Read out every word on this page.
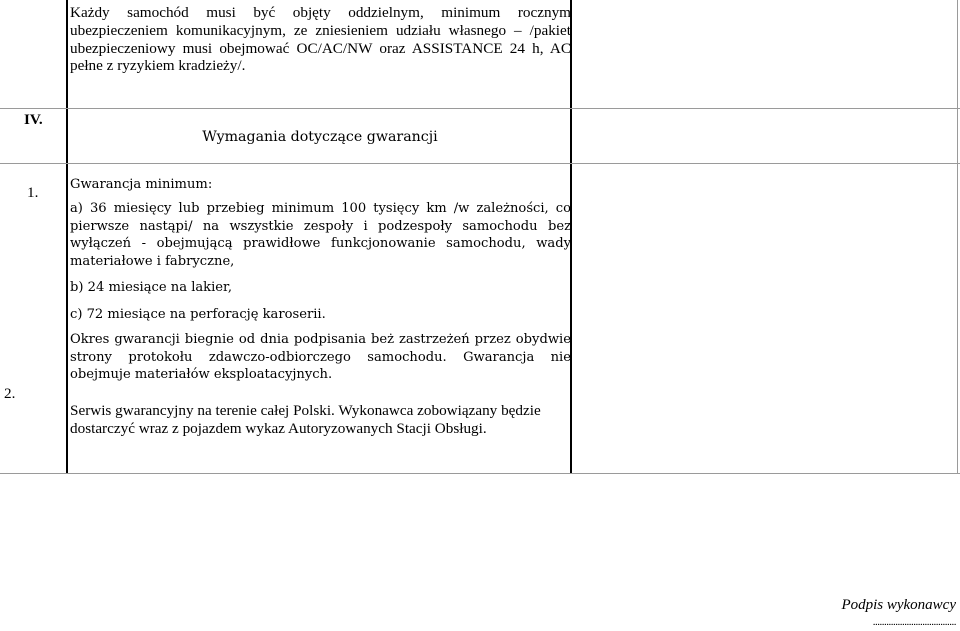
Każdy samochód musi być objęty oddzielnym, minimum rocznym ubezpieczeniem komunikacyjnym, ze zniesieniem udziału własnego – /pakiet ubezpieczeniowy musi obejmować OC/AC/NW oraz ASSISTANCE 24 h, AC pełne z ryzykiem kradzieży/.
IV.
Wymagania dotyczące gwarancji
1. Gwarancja minimum:
a) 36 miesięcy lub przebieg minimum 100 tysięcy km /w zależności, co pierwsze nastąpi/ na wszystkie zespoły i podzespoły samochodu bez wyłączeń - obejmującą prawidłowe funkcjonowanie samochodu, wady materiałowe i fabryczne,
b) 24 miesiące na lakier,
c) 72 miesiące na perforację karoserii.
Okres gwarancji biegnie od dnia podpisania beż zastrzeżeń przez obydwie strony protokołu zdawczo-odbiorczego samochodu. Gwarancja nie obejmuje materiałów eksploatacyjnych.
2.
Serwis gwarancyjny na terenie całej Polski. Wykonawca zobowiązany będzie dostarczyć wraz z pojazdem wykaz Autoryzowanych Stacji Obsługi.
Podpis wykonawcy
.....................................
